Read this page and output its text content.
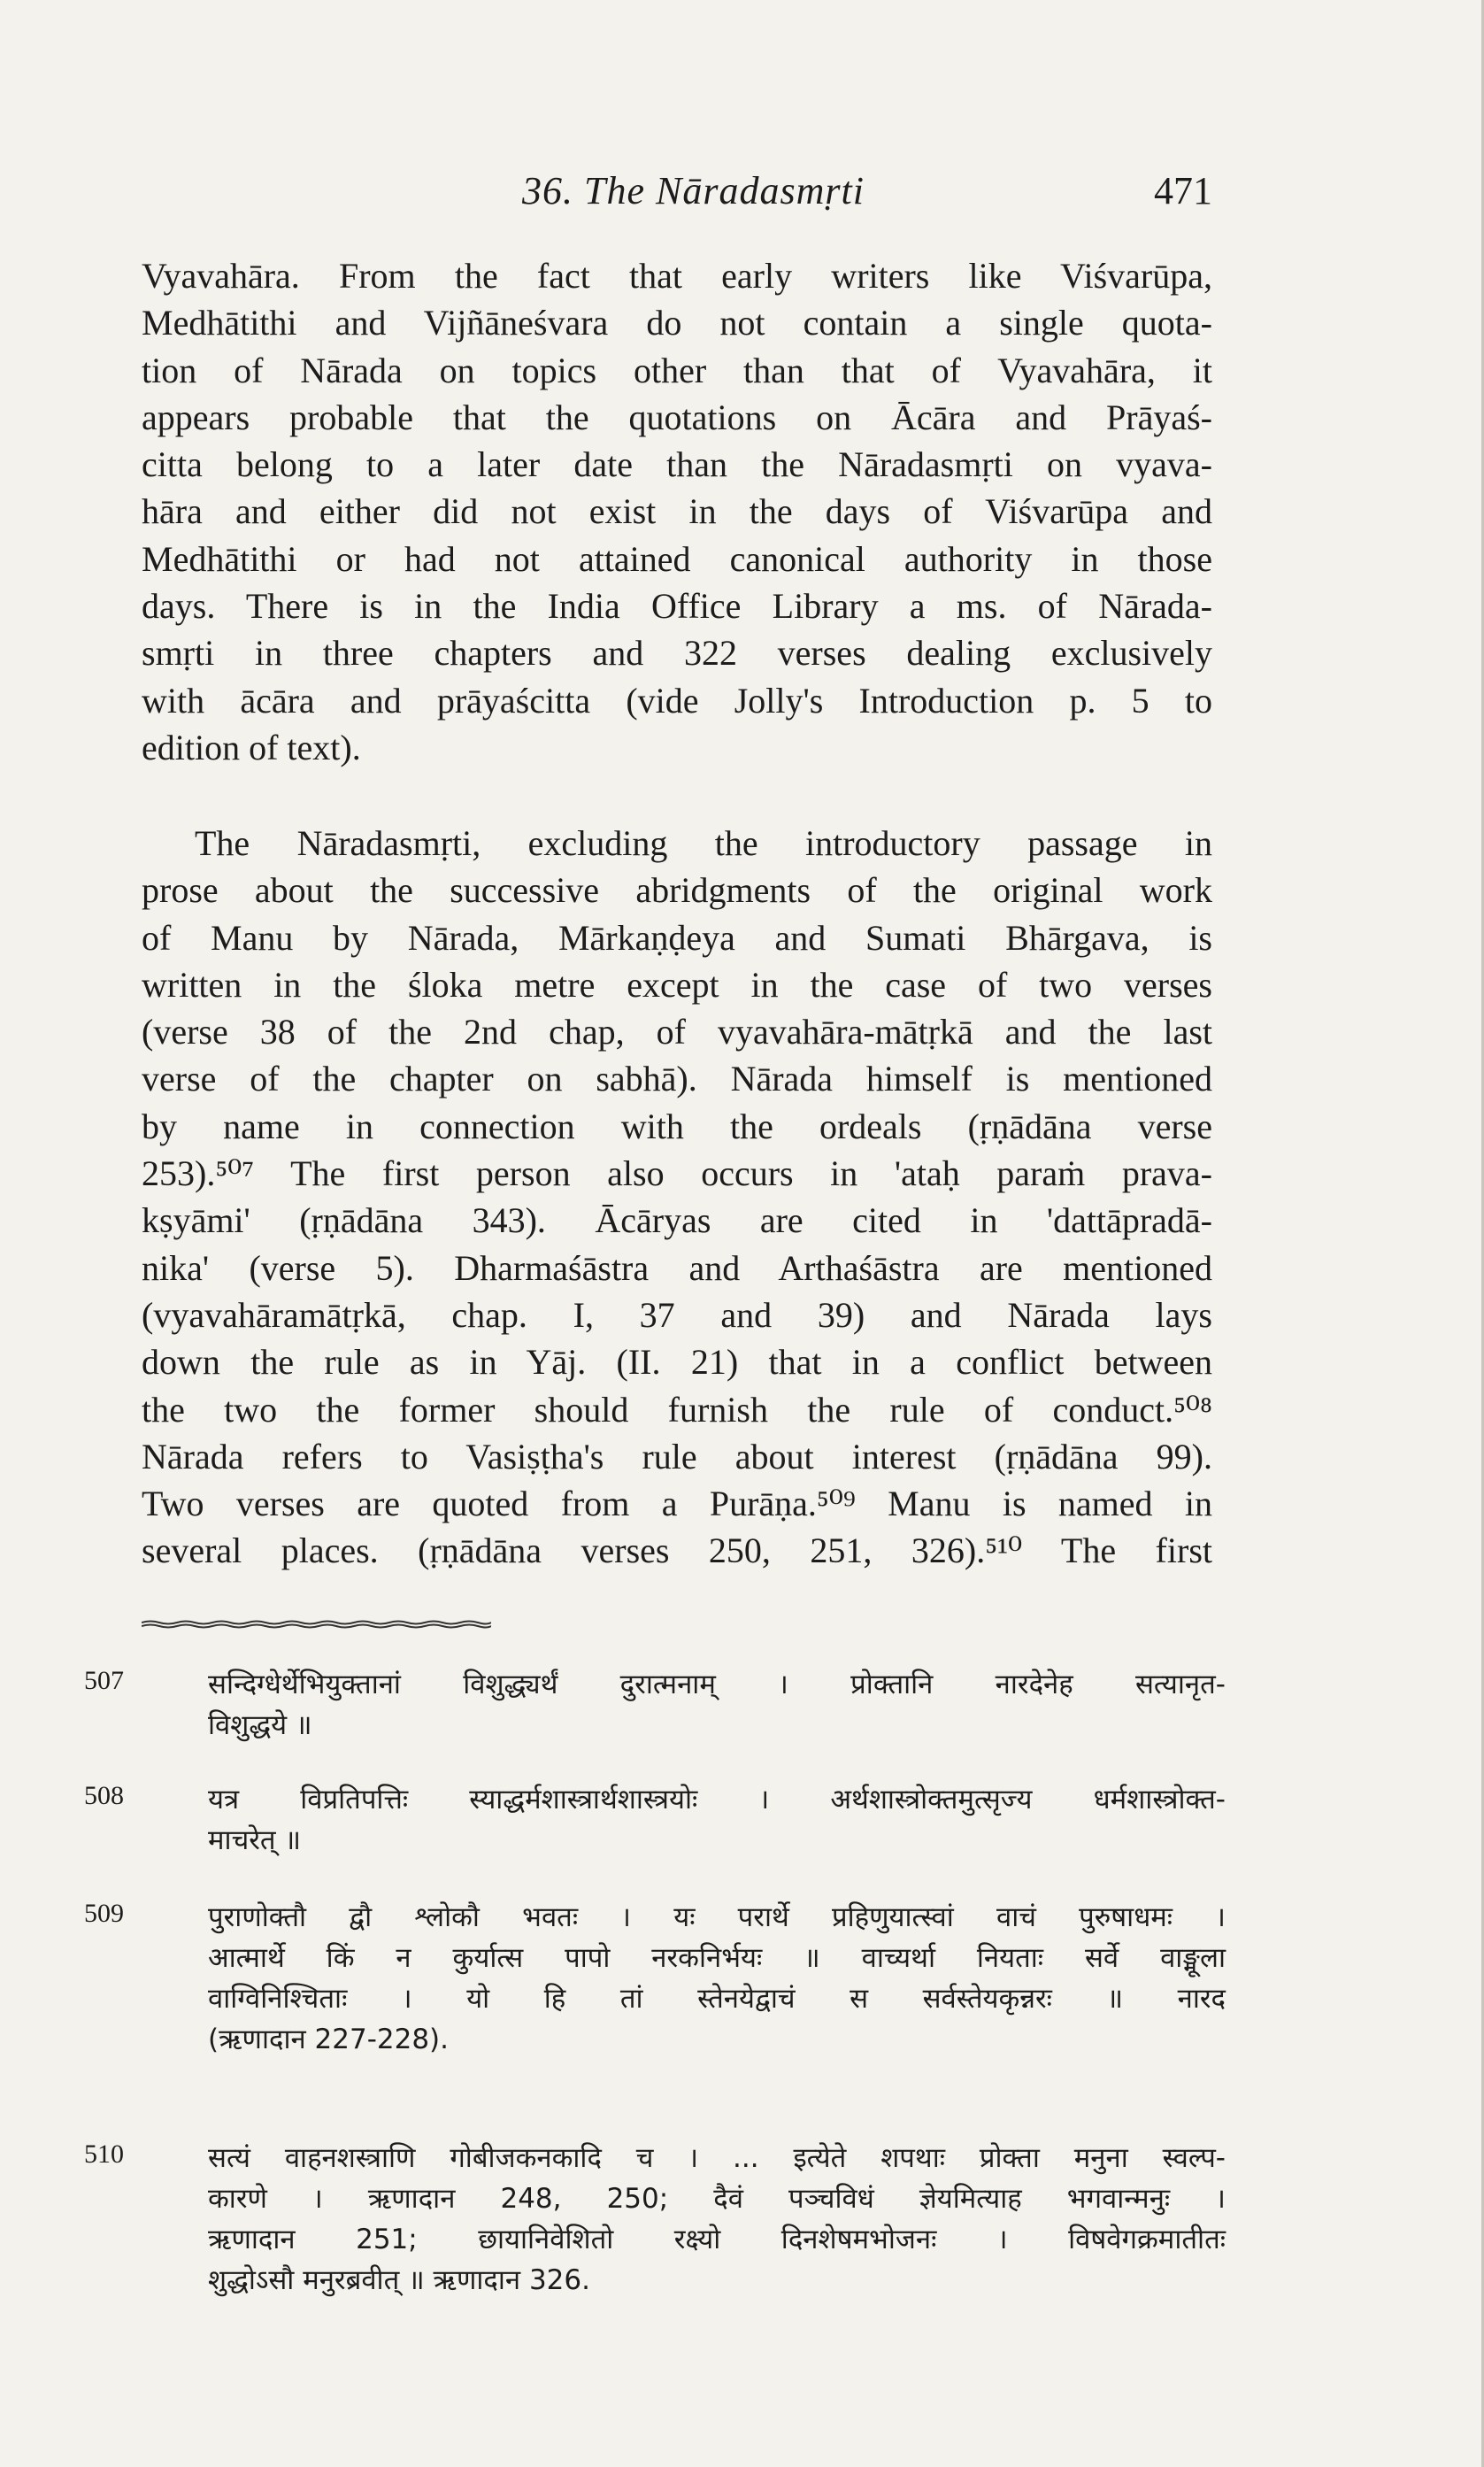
36. The Nāradasmṛti	471
Vyavahāra. From the fact that early writers like Viśvarūpa,
Medhātithi and Vijñāneśvara do not contain a single quota-
tion of Nārada on topics other than that of Vyavahāra, it
appears probable that the quotations on Ācāra and Prāyaś-
citta belong to a later date than the Nāradasmṛti on vyava-
hāra and either did not exist in the days of Viśvarūpa and
Medhātithi or had not attained canonical authority in those
days. There is in the India Office Library a ms. of Nārada-
smṛti in three chapters and 322 verses dealing exclusively
with ācāra and prāyaścitta (vide Jolly's Introduction p. 5 to
edition of text).
The Nāradasmṛti, excluding the introductory passage in
prose about the successive abridgments of the original work
of Manu by Nārada, Mārkaṇḍeya and Sumati Bhārgava, is
written in the śloka metre except in the case of two verses
(verse 38 of the 2nd chap, of vyavahāra-mātṛkā and the last
verse of the chapter on sabhā). Nārada himself is mentioned
by name in connection with the ordeals (ṛṇādāna verse
253).⁵⁰⁷ The first person also occurs in 'ataḥ paraṁ prava-
kṣyāmi' (ṛṇādāna 343). Ācāryas are cited in 'dattāpradā-
nika' (verse 5). Dharmaśāstra and Arthaśāstra are mentioned
(vyavahāramātṛkā, chap. I, 37 and 39) and Nārada lays
down the rule as in Yāj. (II. 21) that in a conflict between
the two the former should furnish the rule of conduct.⁵⁰⁸
Nārada refers to Vasiṣṭha's rule about interest (ṛṇādāna 99).
Two verses are quoted from a Purāṇa.⁵⁰⁹ Manu is named in
several places. (ṛṇādāna verses 250, 251, 326).⁵¹⁰ The first
507	सन्दिग्धेर्थेभियुक्तानां विशुद्ध्यर्थं दुरात्मनाम् । प्रोक्तानि नारदेनेह सत्यानृत-
विशुद्धये ॥
508	यत्र विप्रतिपत्तिः स्याद्धर्मशास्त्रार्थशास्त्रयोः । अर्थशास्त्रोक्तमुत्सृज्य धर्मशास्त्रोक्त-
माचरेत् ॥
509	पुराणोक्तौ द्वौ श्लोकौ भवतः । यः परार्थे प्रहिणुयात्स्वां वाचं पुरुषाधमः ।
आत्मार्थे किं न कुर्यात्स पापो नरकनिर्भयः ॥ वाच्यर्था नियताः सर्वे वाङ्मूला
वाग्विनिश्चिताः । यो हि तां स्तेनयेद्वाचं स सर्वस्तेयकृन्नरः ॥ नारद
(ऋणादान 227-228).
510	सत्यं वाहनशस्त्राणि गोबीजकनकादि च । ... इत्येते शपथाः प्रोक्ता मनुना स्वल्प-
कारणे । ऋणादान 248, 250; दैवं पञ्चविधं ज्ञेयमित्याह भगवान्मनुः ।
ऋणादान 251; छायानिवेशितो रक्ष्यो दिनशेषमभोजनः । विषवेगक्रमातीतः
शुद्धोऽसौ मनुरब्रवीत् ॥ ऋणादान 326.
